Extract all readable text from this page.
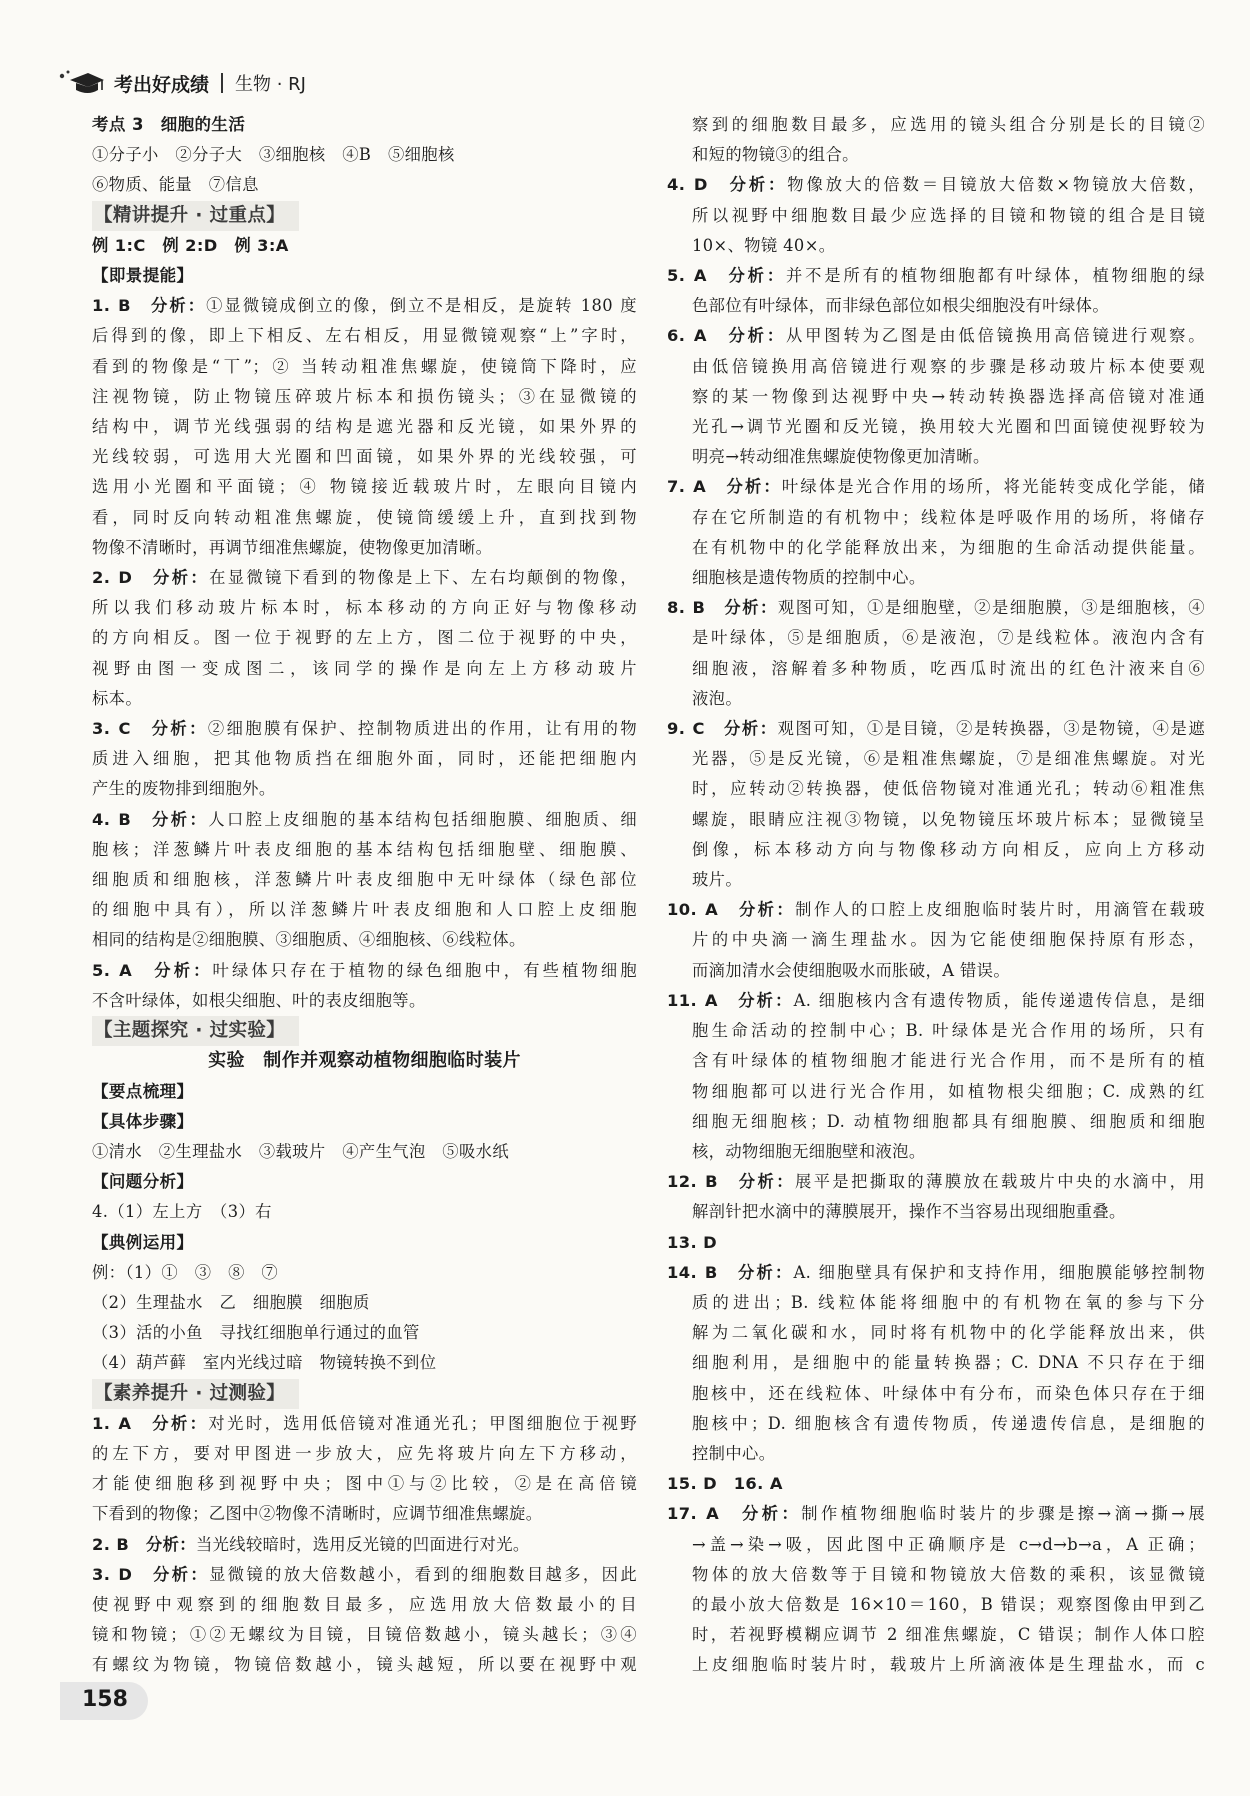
考出好成绩 生物 · RJ
考点 3　细胞的生活
①分子小　②分子大　③细胞核　④B　⑤细胞核
⑥物质、能量　⑦信息
【精讲提升 · 过重点】
例 1:C　例 2:D　例 3:A
【即景提能】
1. B　 分析：①显微镜成倒立的像，倒立不是相反，是旋转 180 度
后得到的像，即上下相反、左右相反，用显微镜观察“上”字时，
看到的物像是“丅”；② 当转动粗准焦螺旋，使镜筒下降时，应
注视物镜，防止物镜压碎玻片标本和损伤镜头；③在显微镜的
结构中，调节光线强弱的结构是遮光器和反光镜，如果外界的
光线较弱，可选用大光圈和凹面镜，如果外界的光线较强，可
选用小光圈和平面镜；④ 物镜接近载玻片时，左眼向目镜内
看，同时反向转动粗准焦螺旋，使镜筒缓缓上升，直到找到物
物像不清晰时，再调节细准焦螺旋，使物像更加清晰。
2. D　 分析：在显微镜下看到的物像是上下、左右均颠倒的物像，
所以我们移动玻片标本时，标本移动的方向正好与物像移动
的方向相反。图一位于视野的左上方，图二位于视野的中央，
视野由图一变成图二，该同学的操作是向左上方移动玻片
标本。
3. C　 分析：②细胞膜有保护、控制物质进出的作用，让有用的物
质进入细胞，把其他物质挡在细胞外面，同时，还能把细胞内
产生的废物排到细胞外。
4. B　 分析：人口腔上皮细胞的基本结构包括细胞膜、细胞质、细
胞核；洋葱鳞片叶表皮细胞的基本结构包括细胞壁、细胞膜、
细胞质和细胞核，洋葱鳞片叶表皮细胞中无叶绿体（绿色部位
的细胞中具有），所以洋葱鳞片叶表皮细胞和人口腔上皮细胞
相同的结构是②细胞膜、③细胞质、④细胞核、⑥线粒体。
5. A　 分析：叶绿体只存在于植物的绿色细胞中，有些植物细胞
不含叶绿体，如根尖细胞、叶的表皮细胞等。
【主题探究 · 过实验】
实验　制作并观察动植物细胞临时装片
【要点梳理】
【具体步骤】
①清水　②生理盐水　③载玻片　④产生气泡　⑤吸水纸
【问题分析】
4.（1）左上方　（3）右
【典例运用】
例：（1）①　③　⑧　⑦
（2）生理盐水　乙　细胞膜　细胞质
（3）活的小鱼　寻找红细胞单行通过的血管
（4）葫芦藓　室内光线过暗　物镜转换不到位
【素养提升 · 过测验】
1. A　 分析：对光时，选用低倍镜对准通光孔；甲图细胞位于视野
的左下方，要对甲图进一步放大，应先将玻片向左下方移动，
才能使细胞移到视野中央；图中①与②比较，②是在高倍镜
下看到的物像；乙图中②物像不清晰时，应调节细准焦螺旋。
2. B　 分析：当光线较暗时，选用反光镜的凹面进行对光。
3. D　 分析：显微镜的放大倍数越小，看到的细胞数目越多，因此
使视野中观察到的细胞数目最多，应选用放大倍数最小的目
镜和物镜；①②无螺纹为目镜，目镜倍数越小，镜头越长；③④
有螺纹为物镜，物镜倍数越小，镜头越短，所以要在视野中观
察到的细胞数目最多，应选用的镜头组合分别是长的目镜②
和短的物镜③的组合。
4. D　 分析：物像放大的倍数＝目镜放大倍数×物镜放大倍数，
所以视野中细胞数目最少应选择的目镜和物镜的组合是目镜
10×、物镜 40×。
5. A　 分析：并不是所有的植物细胞都有叶绿体，植物细胞的绿
色部位有叶绿体，而非绿色部位如根尖细胞没有叶绿体。
6. A　 分析：从甲图转为乙图是由低倍镜换用高倍镜进行观察。
由低倍镜换用高倍镜进行观察的步骤是移动玻片标本使要观
察的某一物像到达视野中央→转动转换器选择高倍镜对准通
光孔→调节光圈和反光镜，换用较大光圈和凹面镜使视野较为
明亮→转动细准焦螺旋使物像更加清晰。
7. A　 分析：叶绿体是光合作用的场所，将光能转变成化学能，储
存在它所制造的有机物中；线粒体是呼吸作用的场所，将储存
在有机物中的化学能释放出来，为细胞的生命活动提供能量。
细胞核是遗传物质的控制中心。
8. B　 分析：观图可知，①是细胞壁，②是细胞膜，③是细胞核，④
是叶绿体，⑤是细胞质，⑥是液泡，⑦是线粒体。液泡内含有
细胞液，溶解着多种物质，吃西瓜时流出的红色汁液来自⑥
液泡。
9. C　 分析：观图可知，①是目镜，②是转换器，③是物镜，④是遮
光器，⑤是反光镜，⑥是粗准焦螺旋，⑦是细准焦螺旋。对光
时，应转动②转换器，使低倍物镜对准通光孔；转动⑥粗准焦
螺旋，眼睛应注视③物镜，以免物镜压坏玻片标本；显微镜呈
倒像，标本移动方向与物像移动方向相反，应向上方移动
玻片。
10. A　 分析：制作人的口腔上皮细胞临时装片时，用滴管在载玻
片的中央滴一滴生理盐水。因为它能使细胞保持原有形态，
而滴加清水会使细胞吸水而胀破，A 错误。
11. A　 分析：A. 细胞核内含有遗传物质，能传递遗传信息，是细
胞生命活动的控制中心；B. 叶绿体是光合作用的场所，只有
含有叶绿体的植物细胞才能进行光合作用，而不是所有的植
物细胞都可以进行光合作用，如植物根尖细胞；C. 成熟的红
细胞无细胞核；D. 动植物细胞都具有细胞膜、细胞质和细胞
核，动物细胞无细胞壁和液泡。
12. B　 分析：展平是把撕取的薄膜放在载玻片中央的水滴中，用
解剖针把水滴中的薄膜展开，操作不当容易出现细胞重叠。
13. D
14. B　 分析：A. 细胞壁具有保护和支持作用，细胞膜能够控制物
质的进出；B. 线粒体能将细胞中的有机物在氧的参与下分
解为二氧化碳和水，同时将有机物中的化学能释放出来，供
细胞利用，是细胞中的能量转换器；C. DNA 不只存在于细
胞核中，还在线粒体、叶绿体中有分布，而染色体只存在于细
胞核中；D. 细胞核含有遗传物质，传递遗传信息，是细胞的
控制中心。
15. D　16. A
17. A　 分析：制作植物细胞临时装片的步骤是擦→滴→撕→展
→盖→染→吸，因此图中正确顺序是 c→d→b→a，A 正确；
物体的放大倍数等于目镜和物镜放大倍数的乘积，该显微镜
的最小放大倍数是 16×10＝160，B 错误；观察图像由甲到乙
时，若视野模糊应调节 2 细准焦螺旋，C 错误；制作人体口腔
上皮细胞临时装片时，载玻片上所滴液体是生理盐水，而 c
158
